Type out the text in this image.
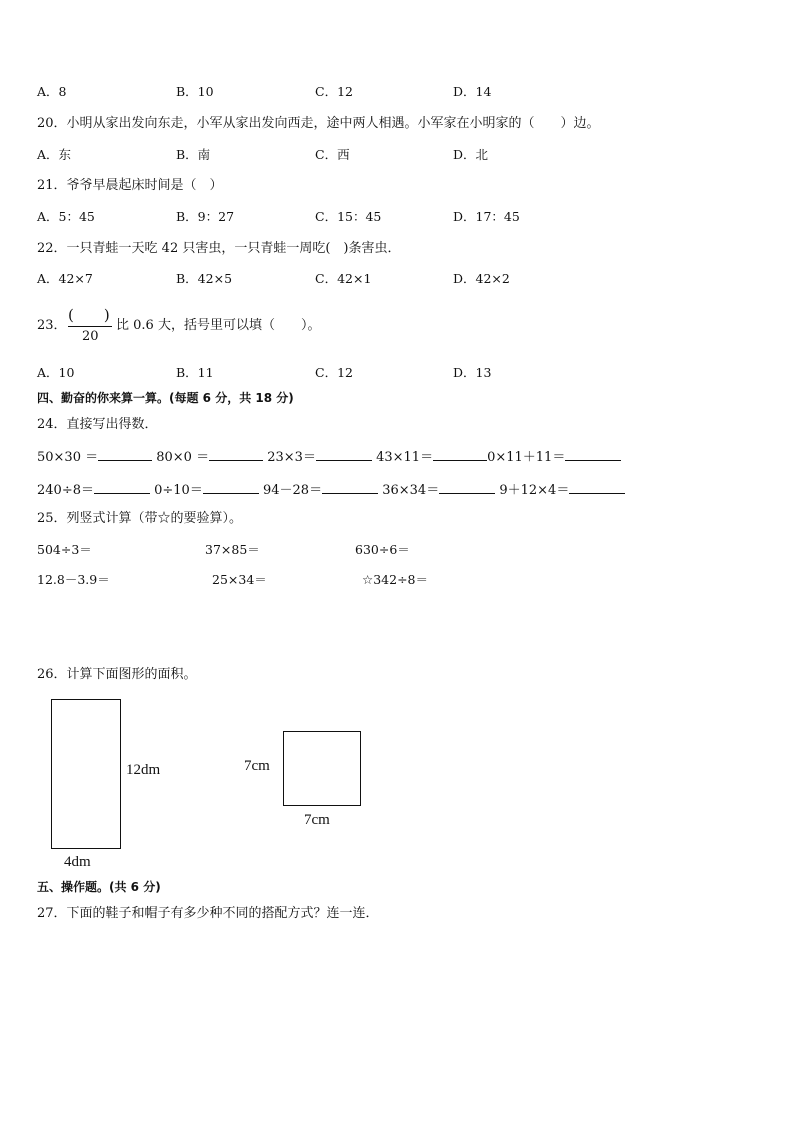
A．8	B．10	C．12	D．14
20．小明从家出发向东走，小军从家出发向西走，途中两人相遇。小军家在小明家的（　　）边。
A．东	B．南	C．西	D．北
21．爷爷早晨起床时间是（　）
A．5：45	B．9：27	C．15：45	D．17：45
22．一只青蛙一天吃 42 只害虫，一只青蛙一周吃(　)条害虫．
A．42×7	B．42×5	C．42×1	D．42×2
23．
(　　)
20
比 0.6 大，括号里可以填（　　）。
A．10	B．11	C．12	D．13
四、勤奋的你来算一算。(每题 6 分，共 18 分)
24．直接写出得数．
50×30 ＝	80×0 ＝	23×3＝	43×11＝	0×11＋11＝
240÷8＝	0÷10＝	94－28＝	36×34＝	9＋12×4＝
25．列竖式计算（带☆的要验算）。
504÷3＝	37×85＝	630÷6＝
12.8－3.9＝	25×34＝	☆342÷8＝
26．计算下面图形的面积。
12dm
4dm
7cm
7cm
五、操作题。(共 6 分)
27．下面的鞋子和帽子有多少种不同的搭配方式？连一连．
